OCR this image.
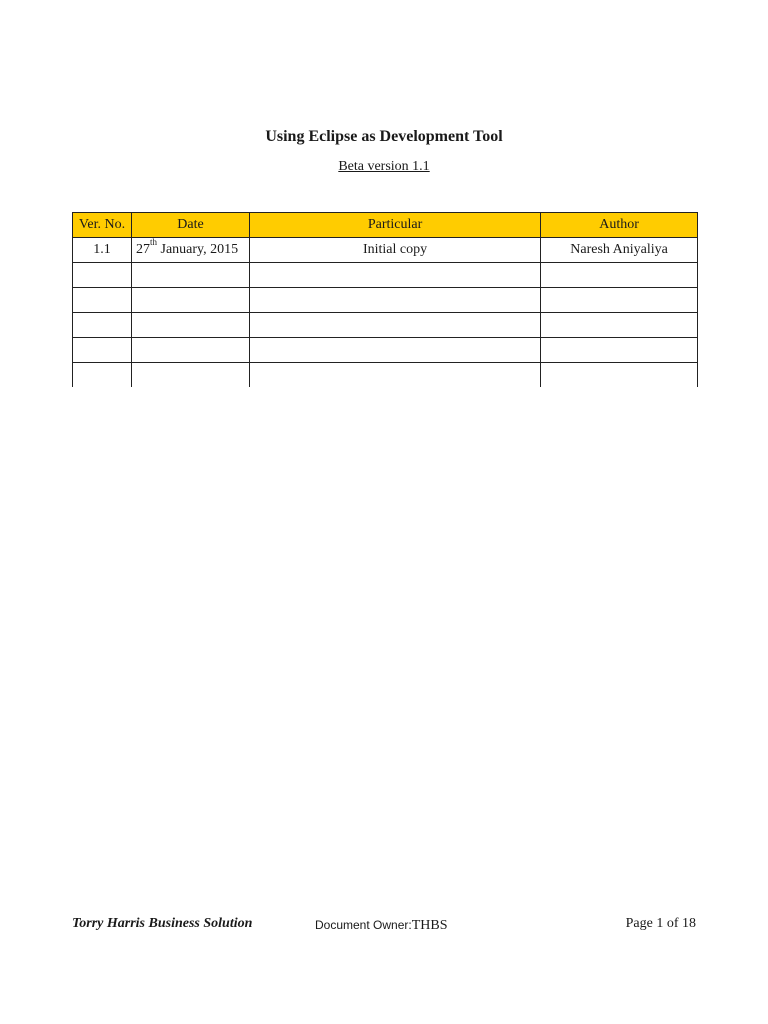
Using Eclipse as Development Tool
Beta version 1.1
Ver. No.	Date	Particular	Author
1.1	27th January, 2015	Initial copy	Naresh Aniyaliya

Torry Harris Business Solution	Document Owner:THBS	Page 1 of 18
